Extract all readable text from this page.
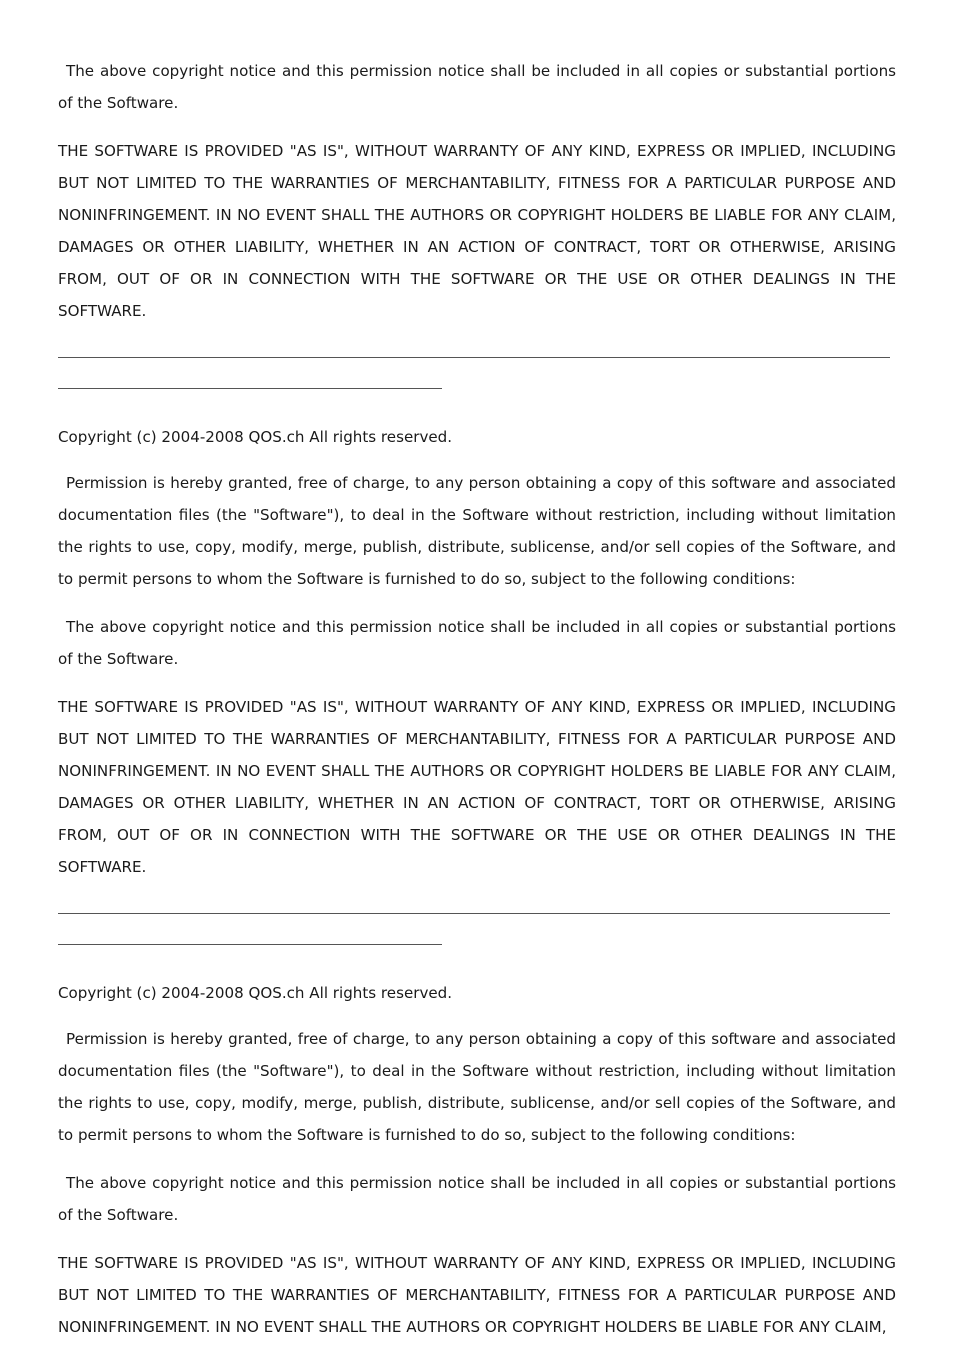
The above copyright notice and this permission notice shall be included in all copies or substantial portions of the Software.

THE SOFTWARE IS PROVIDED "AS IS", WITHOUT WARRANTY OF ANY KIND, EXPRESS OR IMPLIED, INCLUDING BUT NOT LIMITED TO THE WARRANTIES OF MERCHANTABILITY, FITNESS FOR A PARTICULAR PURPOSE AND NONINFRINGEMENT. IN NO EVENT SHALL THE AUTHORS OR COPYRIGHT HOLDERS BE LIABLE FOR ANY CLAIM, DAMAGES OR OTHER LIABILITY, WHETHER IN AN ACTION OF CONTRACT, TORT OR OTHERWISE, ARISING FROM, OUT OF OR IN CONNECTION WITH THE SOFTWARE OR THE USE OR OTHER DEALINGS IN THE SOFTWARE.

Copyright (c) 2004-2008 QOS.ch All rights reserved.

Permission is hereby granted, free of charge, to any person obtaining a copy of this software and associated documentation files (the "Software"), to deal in the Software without restriction, including without limitation the rights to use, copy, modify, merge, publish, distribute, sublicense, and/or sell copies of the Software, and to permit persons to whom the Software is furnished to do so, subject to the following conditions:

The above copyright notice and this permission notice shall be included in all copies or substantial portions of the Software.

THE SOFTWARE IS PROVIDED "AS IS", WITHOUT WARRANTY OF ANY KIND, EXPRESS OR IMPLIED, INCLUDING BUT NOT LIMITED TO THE WARRANTIES OF MERCHANTABILITY, FITNESS FOR A PARTICULAR PURPOSE AND NONINFRINGEMENT. IN NO EVENT SHALL THE AUTHORS OR COPYRIGHT HOLDERS BE LIABLE FOR ANY CLAIM, DAMAGES OR OTHER LIABILITY, WHETHER IN AN ACTION OF CONTRACT, TORT OR OTHERWISE, ARISING FROM, OUT OF OR IN CONNECTION WITH THE SOFTWARE OR THE USE OR OTHER DEALINGS IN THE SOFTWARE.

Copyright (c) 2004-2008 QOS.ch All rights reserved.

Permission is hereby granted, free of charge, to any person obtaining a copy of this software and associated documentation files (the "Software"), to deal in the Software without restriction, including without limitation the rights to use, copy, modify, merge, publish, distribute, sublicense, and/or sell copies of the Software, and to permit persons to whom the Software is furnished to do so, subject to the following conditions:

The above copyright notice and this permission notice shall be included in all copies or substantial portions of the Software.

THE SOFTWARE IS PROVIDED "AS IS", WITHOUT WARRANTY OF ANY KIND, EXPRESS OR IMPLIED, INCLUDING BUT NOT LIMITED TO THE WARRANTIES OF MERCHANTABILITY, FITNESS FOR A PARTICULAR PURPOSE AND NONINFRINGEMENT. IN NO EVENT SHALL THE AUTHORS OR COPYRIGHT HOLDERS BE LIABLE FOR ANY CLAIM,
